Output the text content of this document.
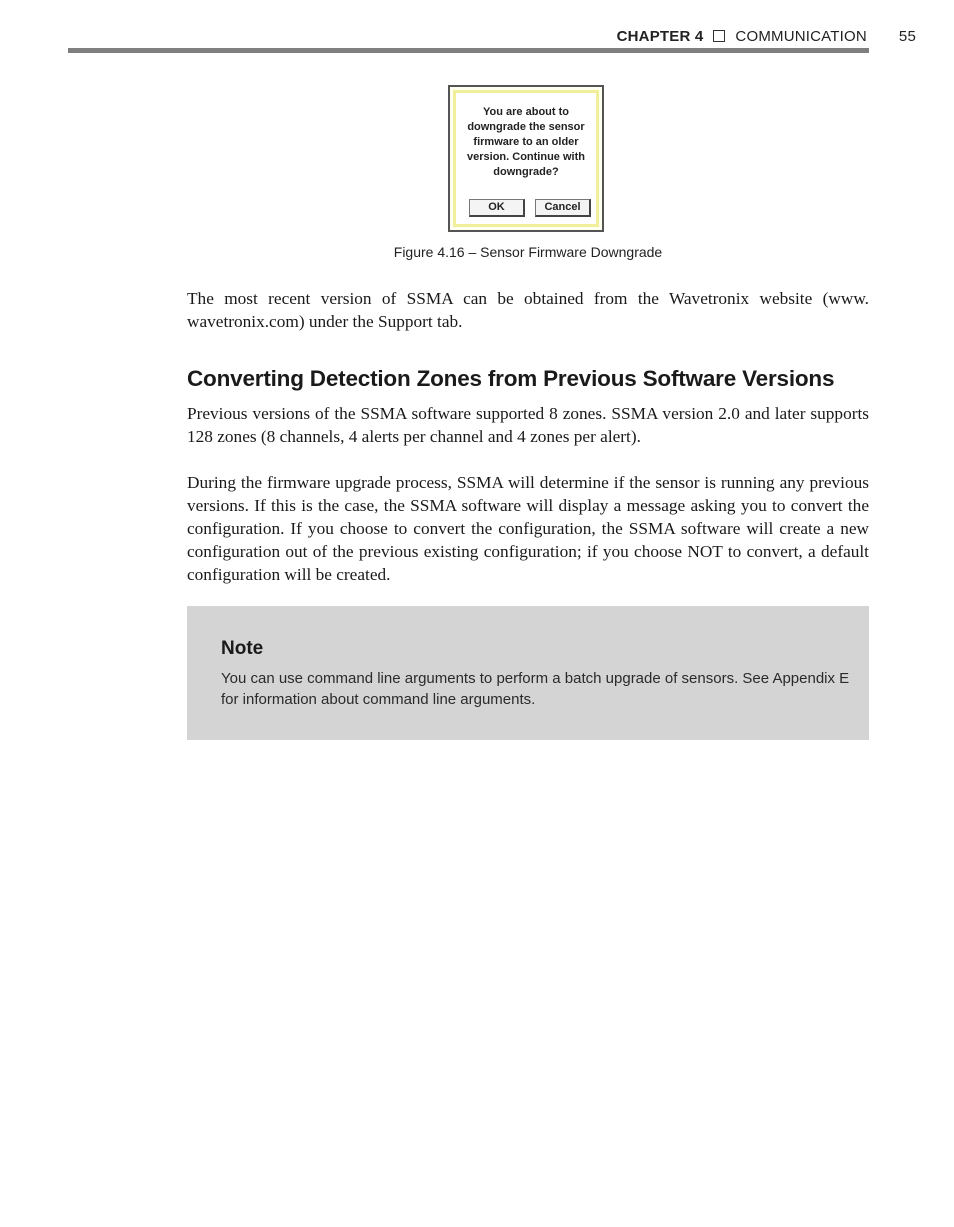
CHAPTER 4 COMMUNICATION 55
You are about to downgrade the sensor firmware to an older version. Continue with downgrade?
OK	Cancel
Figure 4.16 – Sensor Firmware Downgrade
The most recent version of SSMA can be obtained from the Wavetronix website (www. wavetronix.com) under the Support tab.
Converting Detection Zones from Previous Software Versions
Previous versions of the SSMA software supported 8 zones. SSMA version 2.0 and later supports 128 zones (8 channels, 4 alerts per channel and 4 zones per alert).
During the firmware upgrade process, SSMA will determine if the sensor is running any previous versions. If this is the case, the SSMA software will display a message asking you to convert the configuration. If you choose to convert the configuration, the SSMA software will create a new configuration out of the previous existing configuration; if you choose NOT to convert, a default configuration will be created.
Note
You can use command line arguments to perform a batch upgrade of sensors. See Appendix E for information about command line arguments.
